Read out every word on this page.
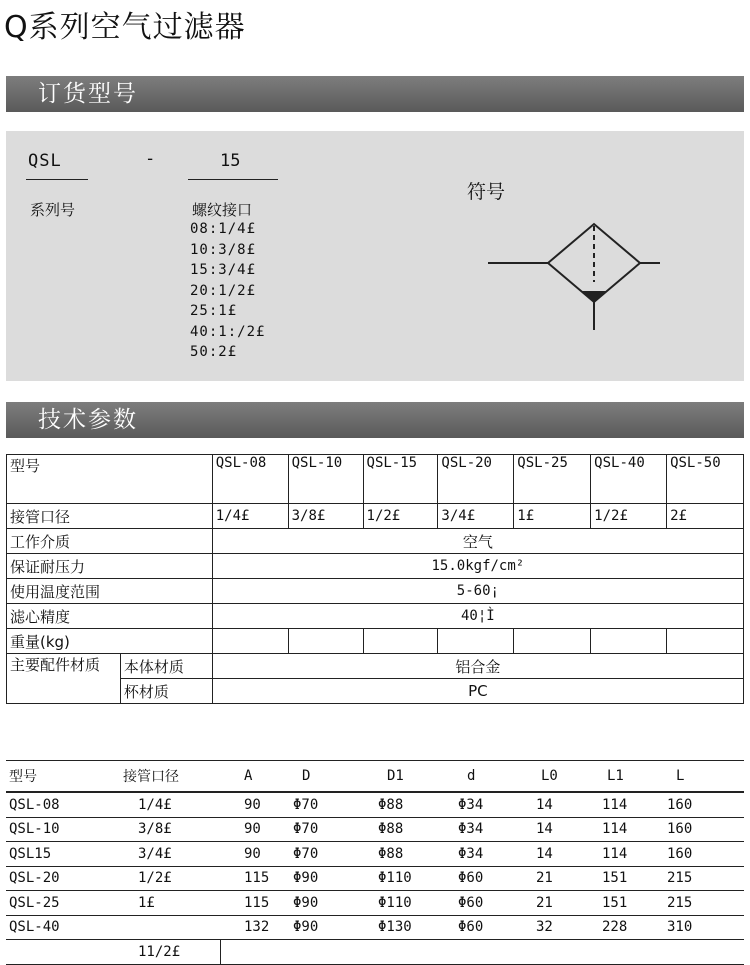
Q系列空气过滤器
订货型号
QSL	-	15
系列号	螺纹接口
08:1/4£
10:3/8£
15:3/4£
20:1/2£
25:1£
40:1:/2£
50:2£
符号
技术参数
型号		QSL-08	QSL-10	QSL-15	QSL-20	QSL-25	QSL-40	QSL-50
接管口径		1/4£	3/8£	1/2£	3/4£	1£	1/2£	2£
工作介质		空气						
保证耐压力		15.0kgf/cm²						
使用温度范围		5-60¡						
滤心精度		40¦Ì						
重量(kg)								
主要配件材质	本体材质	铝合金						
	杯材质	PC						
型号	接管口径	A	D	D1	d	L0	L1	L
QSL-08	1/4£	90	Φ70	Φ88	Φ34	14	114	160
QSL-10	3/8£	90	Φ70	Φ88	Φ34	14	114	160
QSL15	3/4£	90	Φ70	Φ88	Φ34	14	114	160
QSL-20	1/2£	115	Φ90	Φ110	Φ60	21	151	215
QSL-25	1£	115	Φ90	Φ110	Φ60	21	151	215
QSL-40		132	Φ90	Φ130	Φ60	32	228	310
	11/2£							
